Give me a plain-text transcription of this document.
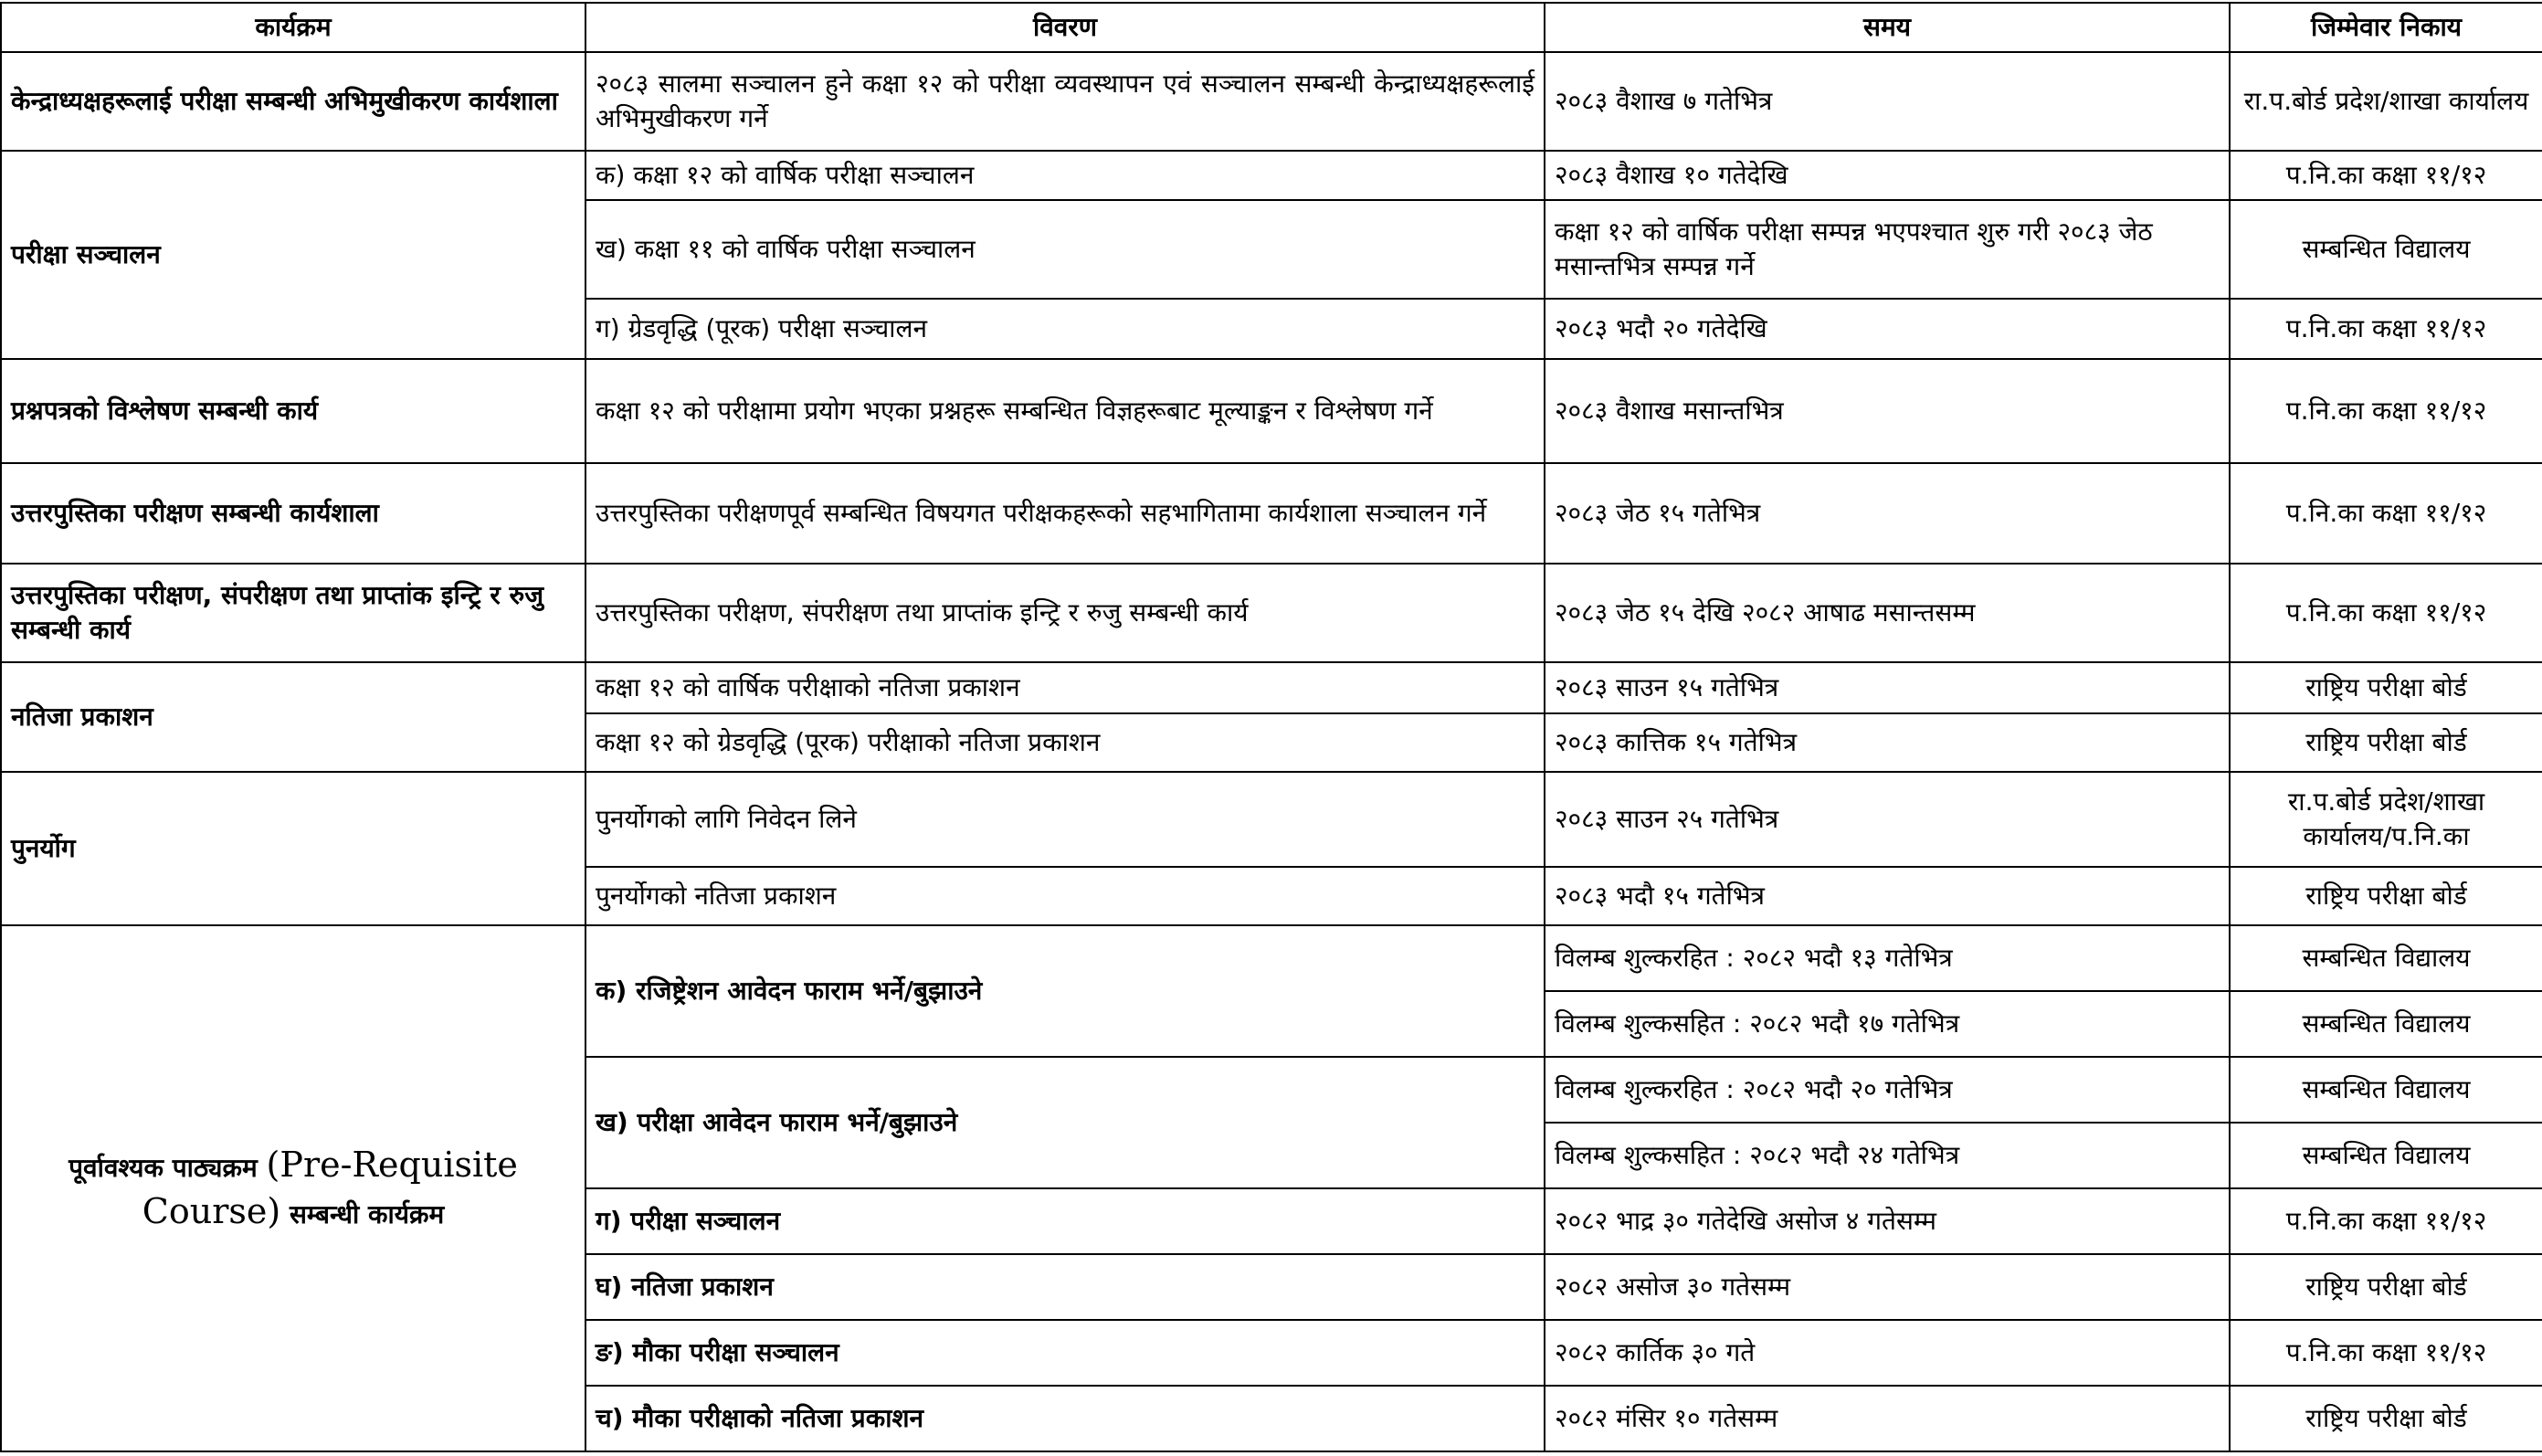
कार्यक्रम	विवरण	समय	जिम्मेवार निकाय
केन्द्राध्यक्षहरूलाई परीक्षा सम्बन्धी अभिमुखीकरण कार्यशाला	२०८३ सालमा सञ्चालन हुने कक्षा १२ को परीक्षा व्यवस्थापन एवं सञ्चालन सम्बन्धी केन्द्राध्यक्षहरूलाई अभिमुखीकरण गर्ने	२०८३ वैशाख ७ गतेभित्र	रा.प.बोर्ड प्रदेश/शाखा कार्यालय
परीक्षा सञ्चालन	क) कक्षा १२ को वार्षिक परीक्षा सञ्चालन	२०८३ वैशाख १० गतेदेखि	प.नि.का कक्षा ११/१२
	ख) कक्षा ११ को वार्षिक परीक्षा सञ्चालन	कक्षा १२ को वार्षिक परीक्षा सम्पन्न भएपश्चात शुरु गरी २०८३ जेठ मसान्तभित्र सम्पन्न गर्ने	सम्बन्धित विद्यालय
	ग) ग्रेडवृद्धि (पूरक) परीक्षा सञ्चालन	२०८३ भदौ २० गतेदेखि	प.नि.का कक्षा ११/१२
प्रश्नपत्रको विश्लेषण सम्बन्धी कार्य	कक्षा १२ को परीक्षामा प्रयोग भएका प्रश्नहरू सम्बन्धित विज्ञहरूबाट मूल्याङ्कन र विश्लेषण गर्ने	२०८३ वैशाख मसान्तभित्र	प.नि.का कक्षा ११/१२
उत्तरपुस्तिका परीक्षण सम्बन्धी कार्यशाला	उत्तरपुस्तिका परीक्षणपूर्व सम्बन्धित विषयगत परीक्षकहरूको सहभागितामा कार्यशाला सञ्चालन गर्ने	२०८३ जेठ १५ गतेभित्र	प.नि.का कक्षा ११/१२
उत्तरपुस्तिका परीक्षण, संपरीक्षण तथा प्राप्तांक इन्ट्रि र रुजु सम्बन्धी कार्य	उत्तरपुस्तिका परीक्षण, संपरीक्षण तथा प्राप्तांक इन्ट्रि र रुजु सम्बन्धी कार्य	२०८३ जेठ १५ देखि २०८२ आषाढ मसान्तसम्म	प.नि.का कक्षा ११/१२
नतिजा प्रकाशन	कक्षा १२ को वार्षिक परीक्षाको नतिजा प्रकाशन	२०८३ साउन १५ गतेभित्र	राष्ट्रिय परीक्षा बोर्ड
	कक्षा १२ को ग्रेडवृद्धि (पूरक) परीक्षाको नतिजा प्रकाशन	२०८३ कात्तिक १५ गतेभित्र	राष्ट्रिय परीक्षा बोर्ड
पुनर्योग	पुनर्योगको लागि निवेदन लिने	२०८३ साउन २५ गतेभित्र	रा.प.बोर्ड प्रदेश/शाखा कार्यालय/प.नि.का
	पुनर्योगको नतिजा प्रकाशन	२०८३ भदौ १५ गतेभित्र	राष्ट्रिय परीक्षा बोर्ड
पूर्वावश्यक पाठ्यक्रम (Pre-Requisite
Course) सम्बन्धी कार्यक्रम	क) रजिष्ट्रेशन आवेदन फाराम भर्ने/बुझाउने	विलम्ब शुल्करहित : २०८२ भदौ १३ गतेभित्र	सम्बन्धित विद्यालय
		विलम्ब शुल्कसहित : २०८२ भदौ १७ गतेभित्र	सम्बन्धित विद्यालय
	ख) परीक्षा आवेदन फाराम भर्ने/बुझाउने	विलम्ब शुल्करहित : २०८२ भदौ २० गतेभित्र	सम्बन्धित विद्यालय
		विलम्ब शुल्कसहित : २०८२ भदौ २४ गतेभित्र	सम्बन्धित विद्यालय
	ग) परीक्षा सञ्चालन	२०८२ भाद्र ३० गतेदेखि असोज ४ गतेसम्म	प.नि.का कक्षा ११/१२
	घ) नतिजा प्रकाशन	२०८२ असोज ३० गतेसम्म	राष्ट्रिय परीक्षा बोर्ड
	ङ) मौका परीक्षा सञ्चालन	२०८२ कार्तिक ३० गते	प.नि.का कक्षा ११/१२
	च) मौका परीक्षाको नतिजा प्रकाशन	२०८२ मंसिर १० गतेसम्म	राष्ट्रिय परीक्षा बोर्ड
